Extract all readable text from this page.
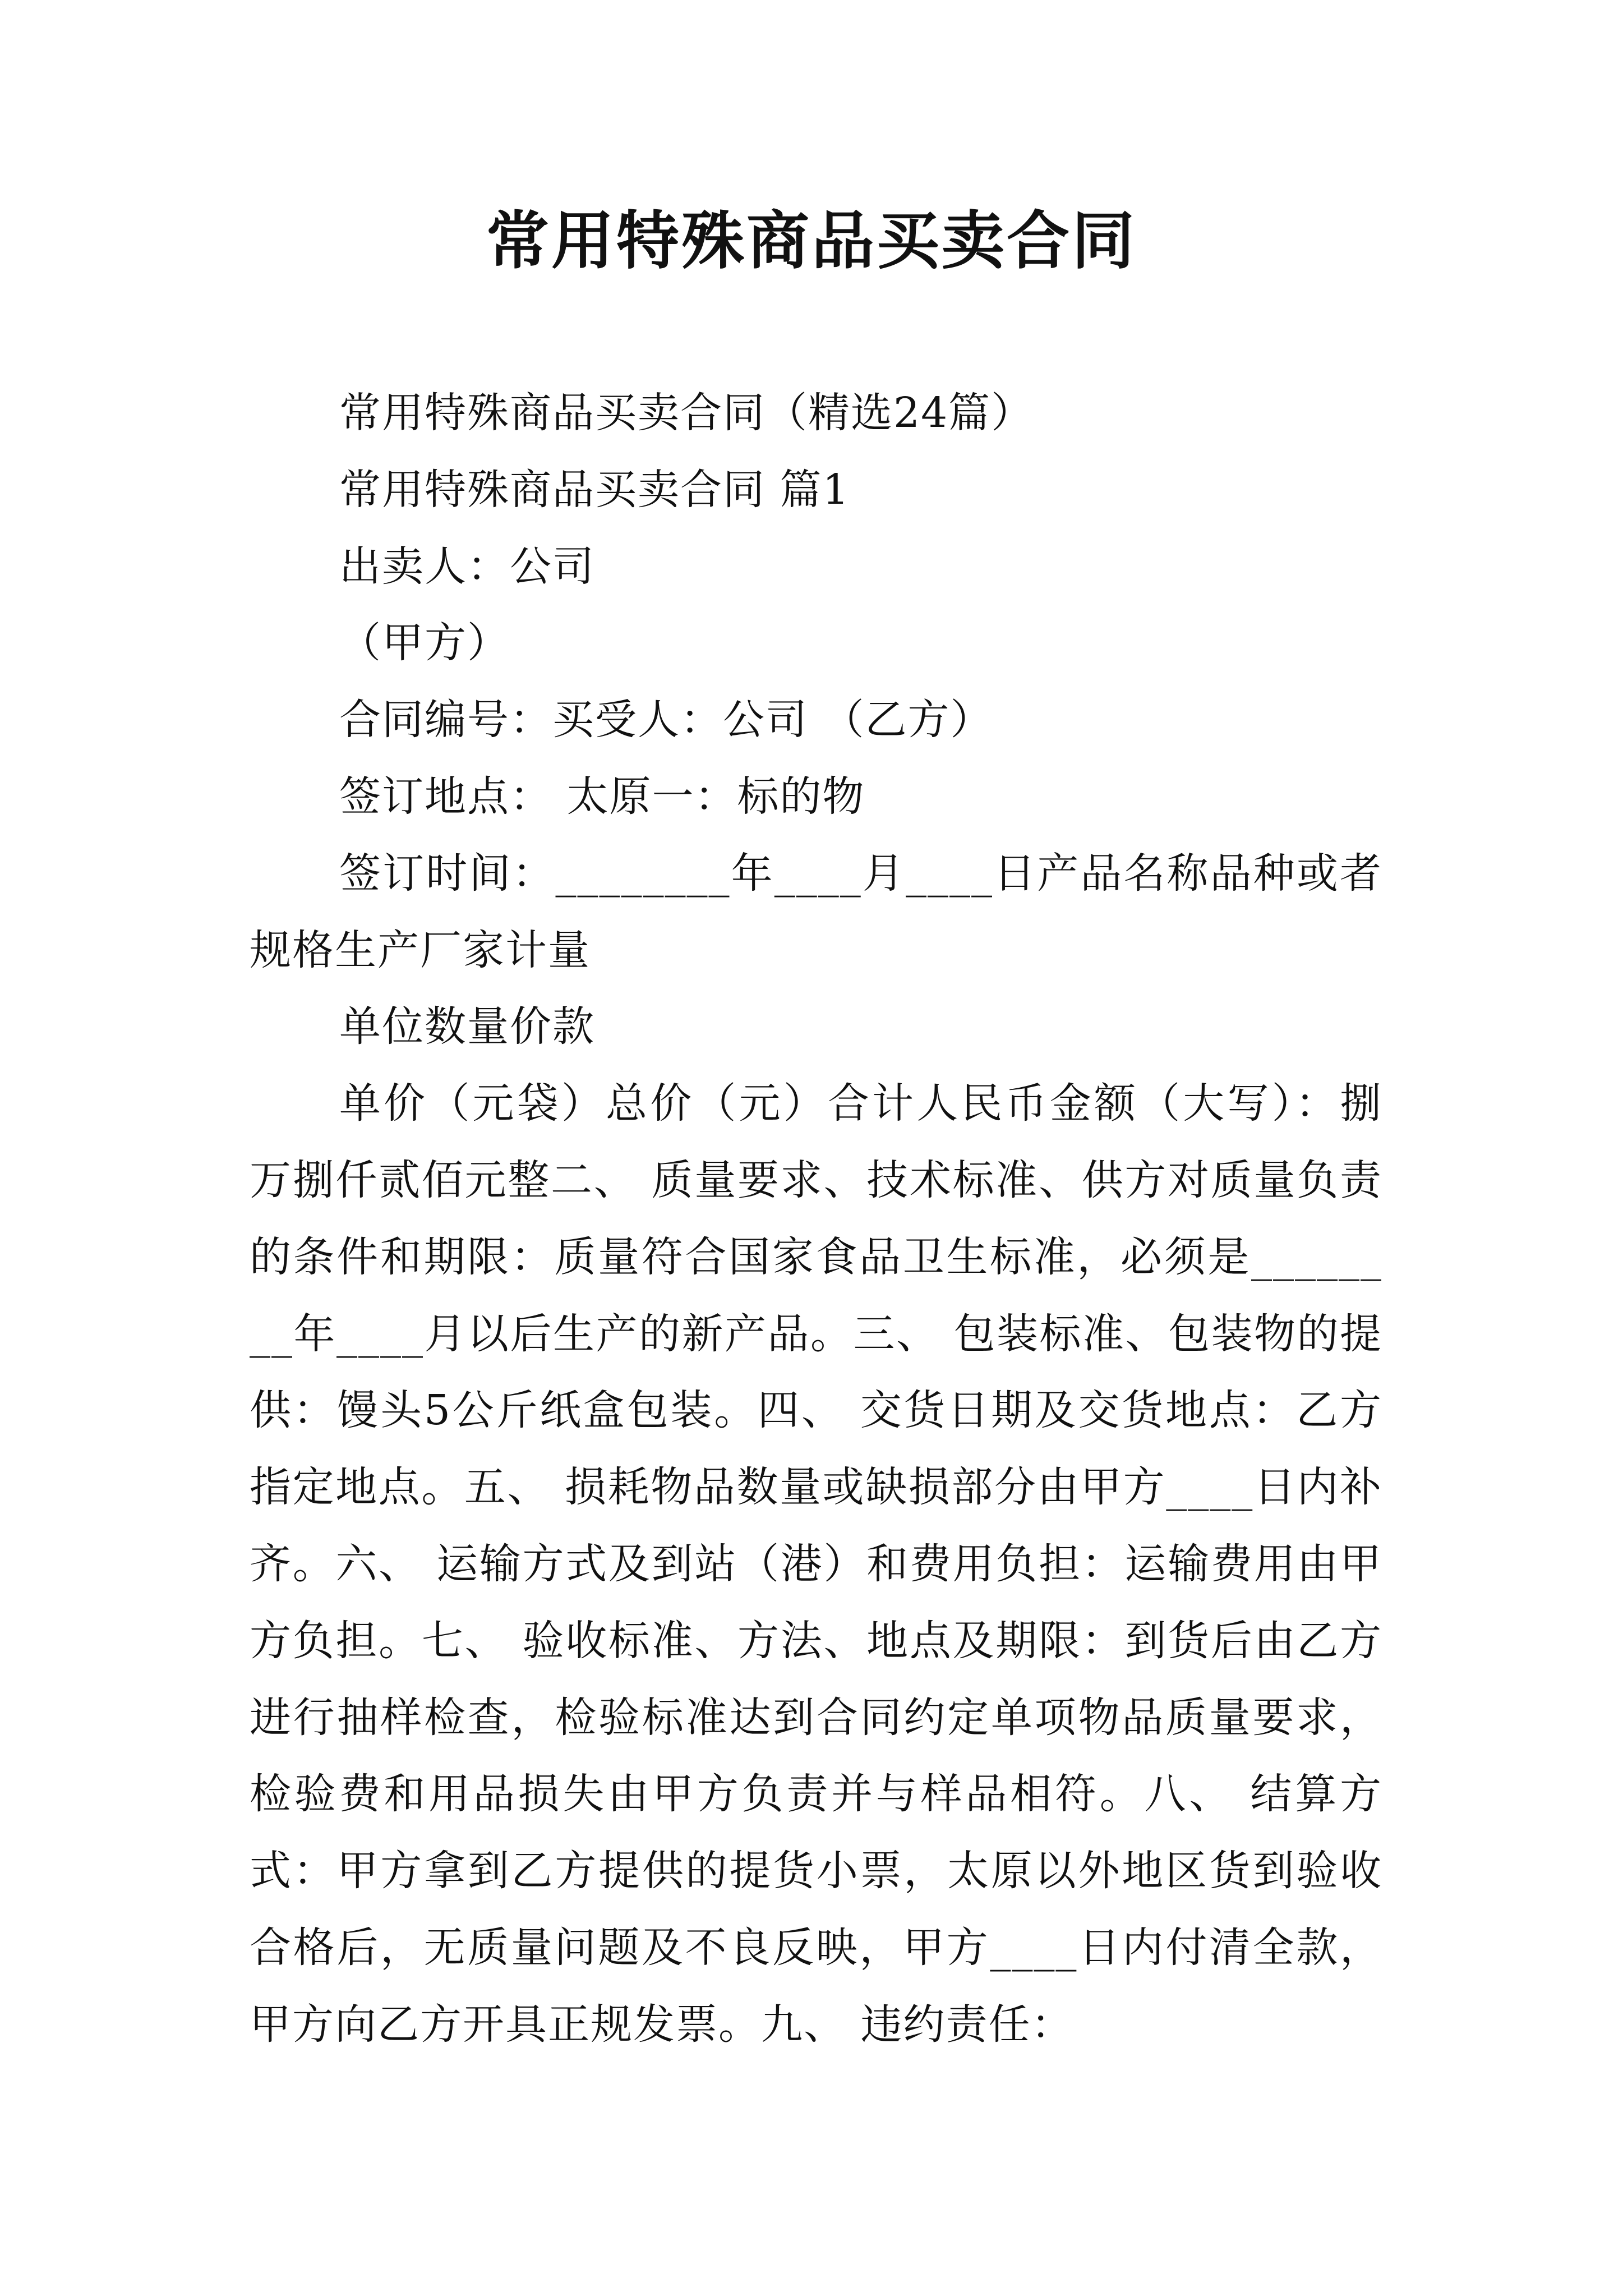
常用特殊商品买卖合同

常用特殊商品买卖合同（精选24篇）

常用特殊商品买卖合同 篇1

出卖人：公司

（甲方）

合同编号：买受人：公司 （乙方）

签订地点： 太原一：标的物

签订时间：________年____月____日产品名称品种或者规格生产厂家计量

单位数量价款

单价（元袋）总价（元）合计人民币金额（大写）：捌万捌仟贰佰元整二、 质量要求、技术标准、供方对质量负责的条件和期限：质量符合国家食品卫生标准，必须是________年____月以后生产的新产品。三、 包装标准、包装物的提供：馒头5公斤纸盒包装。四、 交货日期及交货地点：乙方指定地点。五、 损耗物品数量或缺损部分由甲方____日内补齐。六、 运输方式及到站（港）和费用负担：运输费用由甲方负担。七、 验收标准、方法、地点及期限：到货后由乙方进行抽样检查，检验标准达到合同约定单项物品质量要求，检验费和用品损失由甲方负责并与样品相符。八、 结算方式：甲方拿到乙方提供的提货小票，太原以外地区货到验收合格后，无质量问题及不良反映，甲方____日内付清全款，甲方向乙方开具正规发票。九、 违约责任：
